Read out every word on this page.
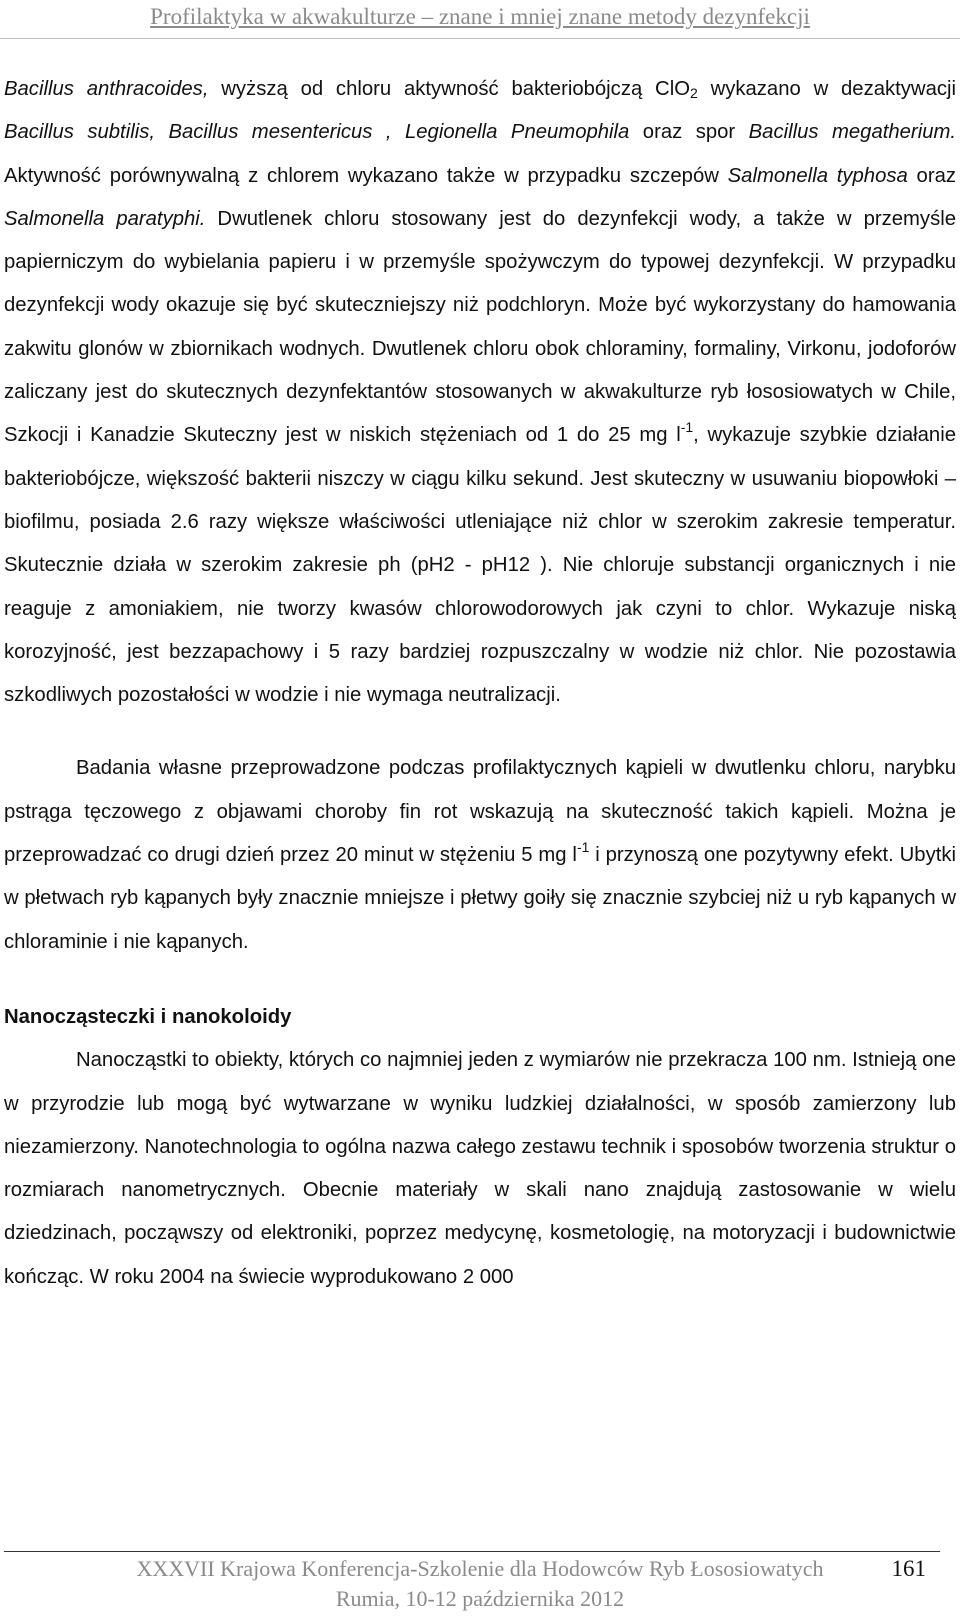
Profilaktyka w akwakulturze – znane i mniej znane metody dezynfekcji

Bacillus anthracoides, wyższą od chloru aktywność bakteriobójczą ClO$_2$ wykazano w dezaktywacji Bacillus subtilis, Bacillus mesentericus , Legionella Pneumophila oraz spor Bacillus megatherium. Aktywność porównywalną z chlorem wykazano także w przypadku szczepów Salmonella typhosa oraz Salmonella paratyphi. Dwutlenek chloru stosowany jest do dezynfekcji wody, a także w przemyśle papierniczym do wybielania papieru i w przemyśle spożywczym do typowej dezynfekcji. W przypadku dezynfekcji wody okazuje się być skuteczniejszy niż podchloryn. Może być wykorzystany do hamowania zakwitu glonów w zbiornikach wodnych. Dwutlenek chloru obok chloraminy, formaliny, Virkonu, jodoforów zaliczany jest do skutecznych dezynfektantów stosowanych w akwakulturze ryb łososiowatych w Chile, Szkocji i Kanadzie Skuteczny jest w niskich stężeniach od 1 do 25 mg $l^{-1}$, wykazuje szybkie działanie bakteriobójcze, większość bakterii niszczy w ciągu kilku sekund. Jest skuteczny w usuwaniu biopowłoki – biofilmu, posiada 2.6 razy większe właściwości utleniające niż chlor w szerokim zakresie temperatur. Skutecznie działa w szerokim zakresie ph (pH2 - pH12 ). Nie chloruje substancji organicznych i nie reaguje z amoniakiem, nie tworzy kwasów chlorowodorowych jak czyni to chlor. Wykazuje niską korozyjność, jest bezzapachowy i 5 razy bardziej rozpuszczalny w wodzie niż chlor. Nie pozostawia szkodliwych pozostałości w wodzie i nie wymaga neutralizacji.

Badania własne przeprowadzone podczas profilaktycznych kąpieli w dwutlenku chloru, narybku pstrąga tęczowego z objawami choroby fin rot wskazują na skuteczność takich kąpieli. Można je przeprowadzać co drugi dzień przez 20 minut w stężeniu 5 mg $l^{-1}$ i przynoszą one pozytywny efekt. Ubytki w płetwach ryb kąpanych były znacznie mniejsze i płetwy goiły się znacznie szybciej niż u ryb kąpanych w chloraminie i nie kąpanych.

Nanocząsteczki i nanokoloidy

Nanocząstki to obiekty, których co najmniej jeden z wymiarów nie przekracza 100 nm. Istnieją one w przyrodzie lub mogą być wytwarzane w wyniku ludzkiej działalności, w sposób zamierzony lub niezamierzony. Nanotechnologia to ogólna nazwa całego zestawu technik i sposobów tworzenia struktur o rozmiarach nanometrycznych. Obecnie materiały w skali nano znajdują zastosowanie w wielu dziedzinach, począwszy od elektroniki, poprzez medycynę, kosmetologię, na motoryzacji i budownictwie kończąc. W roku 2004 na świecie wyprodukowano 2 000

XXXVII Krajowa Konferencja-Szkolenie dla Hodowców Ryb Łososiowatych
Rumia, 10-12 października 2012
161
